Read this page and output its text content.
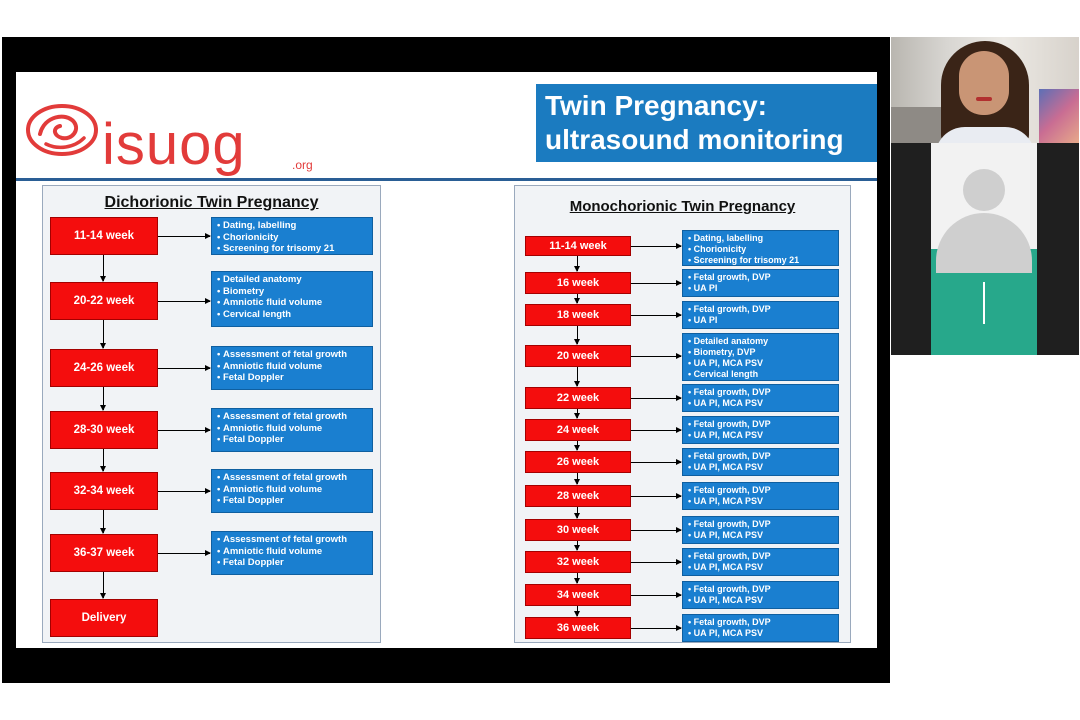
isuog	.org
Twin Pregnancy:
ultrasound monitoring
Dichorionic Twin Pregnancy
11-14 week
• Dating, labelling
• Chorionicity
• Screening for trisomy 21
20-22 week
• Detailed anatomy
• Biometry
• Amniotic fluid volume
• Cervical length
24-26 week
• Assessment of fetal growth
• Amniotic fluid volume
• Fetal Doppler
28-30 week
• Assessment of fetal growth
• Amniotic fluid volume
• Fetal Doppler
32-34 week
• Assessment of fetal growth
• Amniotic fluid volume
• Fetal Doppler
36-37 week
• Assessment of fetal growth
• Amniotic fluid volume
• Fetal Doppler
Delivery
Monochorionic Twin Pregnancy
11-14 week
• Dating, labelling
• Chorionicity
• Screening for trisomy 21
16 week	• Fetal growth, DVP
• UA PI
18 week	• Fetal growth, DVP
• UA PI
20 week
• Detailed anatomy
• Biometry, DVP
• UA PI, MCA PSV
• Cervical length
22 week	• Fetal growth, DVP
• UA PI, MCA PSV
24 week	• Fetal growth, DVP
• UA PI, MCA PSV
26 week	• Fetal growth, DVP
• UA PI, MCA PSV
28 week	• Fetal growth, DVP
• UA PI, MCA PSV
30 week	• Fetal growth, DVP
• UA PI, MCA PSV
32 week	• Fetal growth, DVP
• UA PI, MCA PSV
34 week	• Fetal growth, DVP
• UA PI, MCA PSV
36 week	• Fetal growth, DVP
• UA PI, MCA PSV
